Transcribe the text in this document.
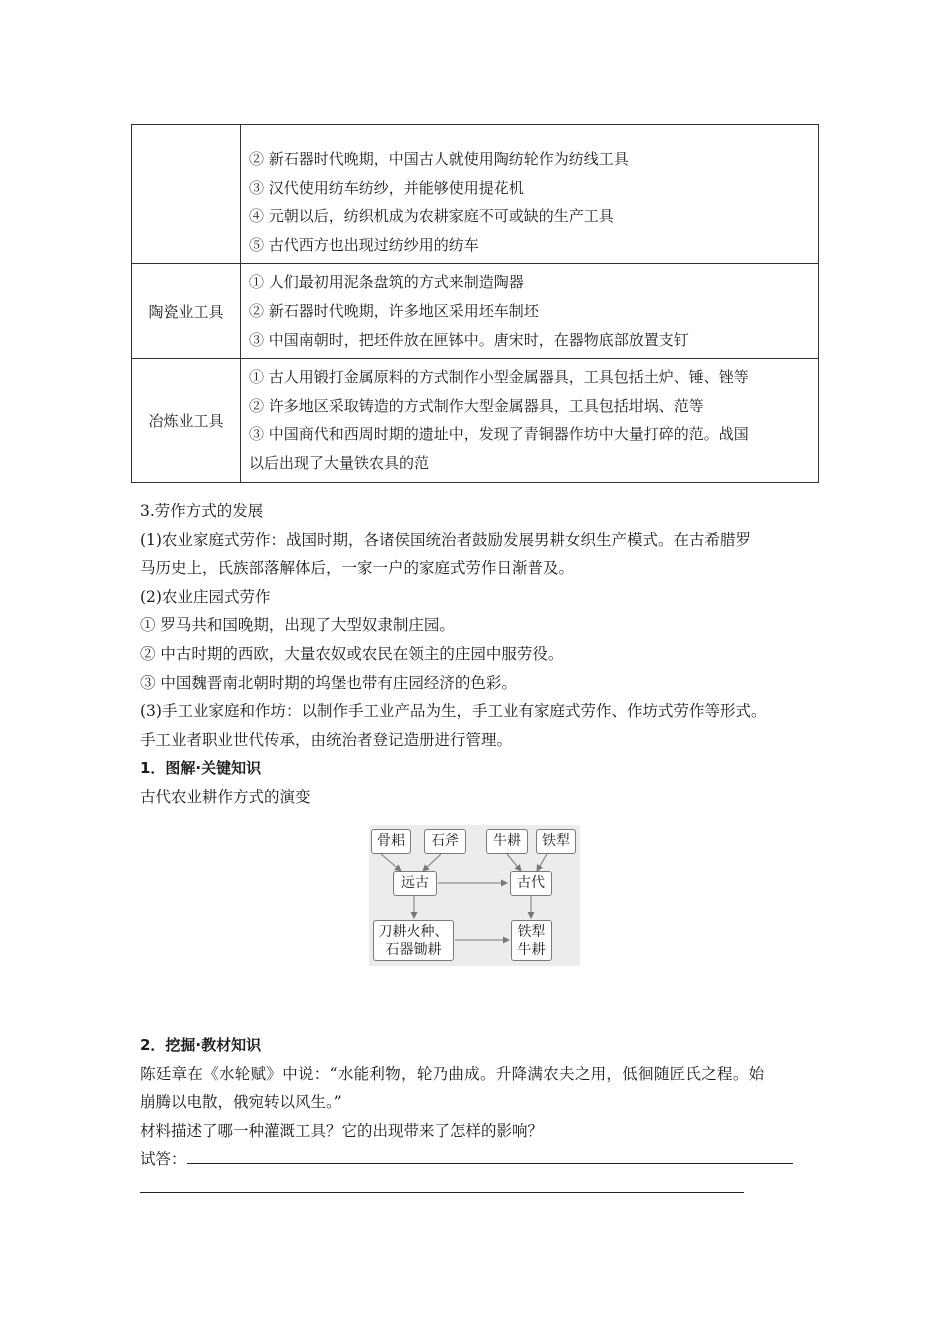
	② 新石器时代晚期，中国古人就使用陶纺轮作为纺线工具
③ 汉代使用纺车纺纱，并能够使用提花机
④ 元朝以后，纺织机成为农耕家庭不可或缺的生产工具
⑤ 古代西方也出现过纺纱用的纺车

陶瓷业工具	① 人们最初用泥条盘筑的方式来制造陶器
② 新石器时代晚期，许多地区采用坯车制坯
③ 中国南朝时，把坯件放在匣钵中。唐宋时，在器物底部放置支钉

冶炼业工具	① 古人用锻打金属原料的方式制作小型金属器具，工具包括土炉、锤、锉等
② 许多地区采取铸造的方式制作大型金属器具，工具包括坩埚、范等
③ 中国商代和西周时期的遗址中，发现了青铜器作坊中大量打碎的范。战国
以后出现了大量铁农具的范
3.劳作方式的发展
(1)农业家庭式劳作：战国时期，各诸侯国统治者鼓励发展男耕女织生产模式。在古希腊罗
马历史上，氏族部落解体后，一家一户的家庭式劳作日渐普及。
(2)农业庄园式劳作
① 罗马共和国晚期，出现了大型奴隶制庄园。
② 中古时期的西欧，大量农奴或农民在领主的庄园中服劳役。
③ 中国魏晋南北朝时期的坞堡也带有庄园经济的色彩。
(3)手工业家庭和作坊：以制作手工业产品为生，手工业有家庭式劳作、作坊式劳作等形式。
手工业者职业世代传承，由统治者登记造册进行管理。
1．图解·关键知识
古代农业耕作方式的演变
骨耜	石斧	牛耕	铁犁
远古	古代
刀耕火种、
石器锄耕
铁犁
牛耕
2．挖掘·教材知识
陈廷章在《水轮赋》中说：“水能利物，轮乃曲成。升降满农夫之用，低徊随匠氏之程。始
崩腾以电散，俄宛转以风生。”
材料描述了哪一种灌溉工具？它的出现带来了怎样的影响？
试答：
